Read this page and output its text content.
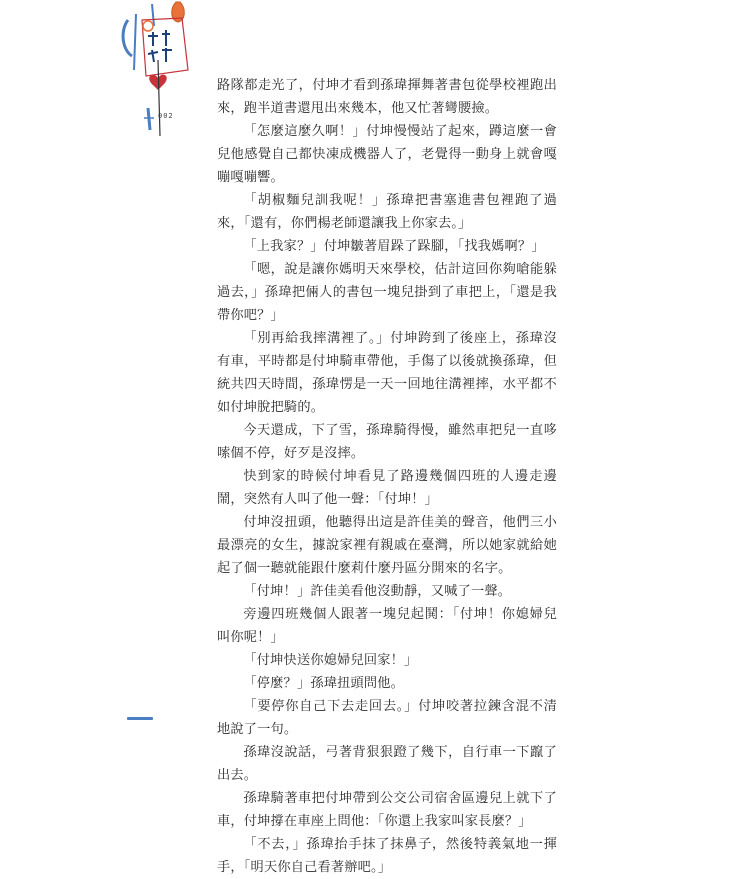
002

路隊都走光了，付坤才看到孫瑋揮舞著書包從學校裡跑出來，跑半道書還甩出來幾本，他又忙著彎腰撿。

「怎麼這麼久啊！」付坤慢慢站了起來，蹲這麼一會兒他感覺自己都快凍成機器人了，老覺得一動身上就會嘎嘣嘎嘣響。

「胡椒麵兒訓我呢！」孫瑋把書塞進書包裡跑了過來，「還有，你們楊老師還讓我上你家去。」

「上我家？」付坤皺著眉跺了跺腳，「找我媽啊？」

「嗯，說是讓你媽明天來學校，估計這回你夠嗆能躲過去，」孫瑋把倆人的書包一塊兒掛到了車把上，「還是我帶你吧？」

「別再給我摔溝裡了。」付坤跨到了後座上，孫瑋沒有車，平時都是付坤騎車帶他，手傷了以後就換孫瑋，但統共四天時間，孫瑋愣是一天一回地往溝裡摔，水平都不如付坤脫把騎的。

今天還成，下了雪，孫瑋騎得慢，雖然車把兒一直哆嗦個不停，好歹是沒摔。

快到家的時候付坤看見了路邊幾個四班的人邊走邊鬧，突然有人叫了他一聲：「付坤！」

付坤沒扭頭，他聽得出這是許佳美的聲音，他們三小最漂亮的女生，據說家裡有親戚在臺灣，所以她家就給她起了個一聽就能跟什麼莉什麼丹區分開來的名字。

「付坤！」許佳美看他沒動靜，又喊了一聲。

旁邊四班幾個人跟著一塊兒起鬨：「付坤！你媳婦兒叫你呢！」

「付坤快送你媳婦兒回家！」

「停麼？」孫瑋扭頭問他。

「要停你自己下去走回去。」付坤咬著拉鍊含混不清地說了一句。

孫瑋沒說話，弓著背狠狠蹬了幾下，自行車一下躥了出去。

孫瑋騎著車把付坤帶到公交公司宿舍區邊兒上就下了車，付坤撐在車座上問他：「你還上我家叫家長麼？」

「不去，」孫瑋抬手抹了抹鼻子，然後特義氣地一揮手，「明天你自己看著辦吧。」
